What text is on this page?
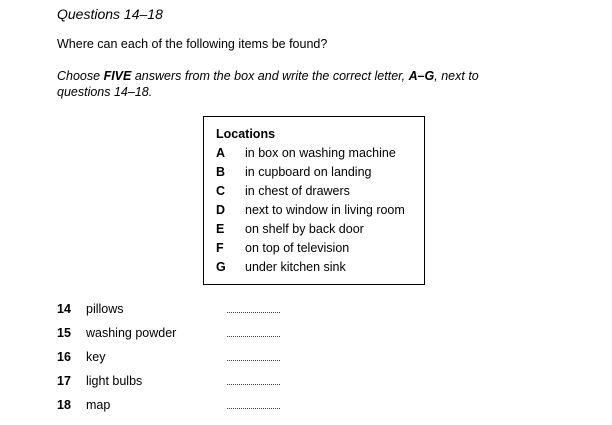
Questions 14–18
Where can each of the following items be found?
Choose FIVE answers from the box and write the correct letter, A–G, next to
questions 14–18.
Locations
A in box on washing machine
B in cupboard on landing
C in chest of drawers
D next to window in living room
E on shelf by back door
F on top of television
G under kitchen sink
14 pillows
15 washing powder
16 key
17 light bulbs
18 map
